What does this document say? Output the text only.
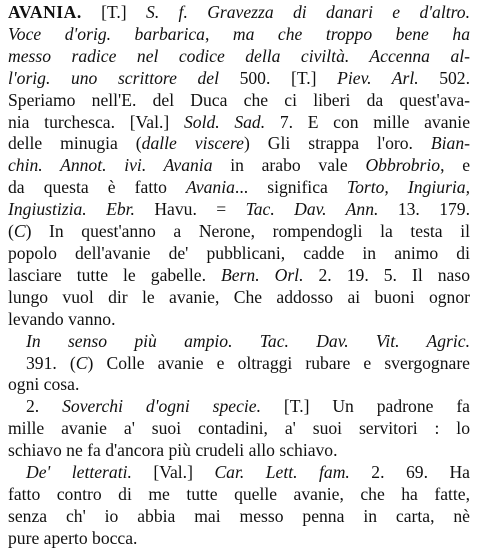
AVANIA. [T.] S. f. Gravezza di danari e d'altro.
Voce d'orig. barbarica, ma che troppo bene ha
messo radice nel codice della civiltà. Accenna al-
l'orig. uno scrittore del 500. [T.] Piev. Arl. 502.
Speriamo nell'E. del Duca che ci liberi da quest'ava-
nia turchesca. [Val.] Sold. Sad. 7. E con mille avanie
delle minugia (dalle viscere) Gli strappa l'oro. Bian-
chin. Annot. ivi. Avania in arabo vale Obbrobrio, e
da questa è fatto Avania... significa Torto, Ingiuria,
Ingiustizia. Ebr. Havu. = Tac. Dav. Ann. 13. 179.
(C) In quest'anno a Nerone, rompendogli la testa il
popolo dell'avanie de' pubblicani, cadde in animo di
lasciare tutte le gabelle. Bern. Orl. 2. 19. 5. Il naso
lungo vuol dir le avanie, Che addosso ai buoni ognor
levando vanno.
In senso più ampio. Tac. Dav. Vit. Agric.
391. (C) Colle avanie e oltraggi rubare e svergognare
ogni cosa.
2. Soverchi d'ogni specie. [T.] Un padrone fa
mille avanie a' suoi contadini, a' suoi servitori : lo
schiavo ne fa d'ancora più crudeli allo schiavo.
De' letterati. [Val.] Car. Lett. fam. 2. 69. Ha
fatto contro di me tutte quelle avanie, che ha fatte,
senza ch' io abbia mai messo penna in carta, nè
pure aperto bocca.
